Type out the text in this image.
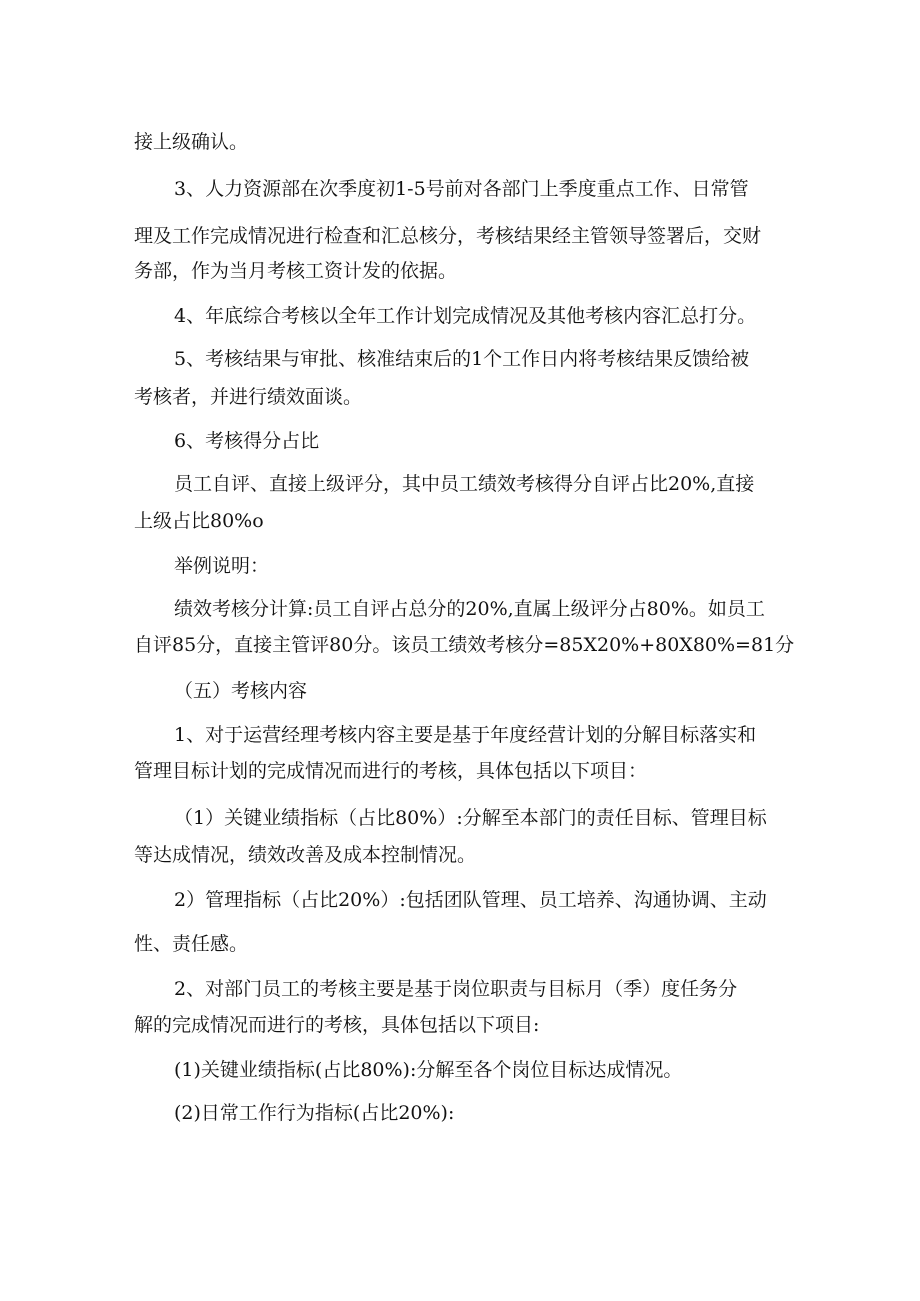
接上级确认。

3、人力资源部在次季度初1-5号前对各部门上季度重点工作、日常管

理及工作完成情况进行检查和汇总核分，考核结果经主管领导签署后，交财

务部，作为当月考核工资计发的依据。

4、年底综合考核以全年工作计划完成情况及其他考核内容汇总打分。

5、考核结果与审批、核准结束后的1个工作日内将考核结果反馈给被

考核者，并进行绩效面谈。

6、考核得分占比

员工自评、直接上级评分，其中员工绩效考核得分自评占比20%,直接

上级占比80%o

举例说明：

绩效考核分计算:员工自评占总分的20%,直属上级评分占80%。如员工

自评85分，直接主管评80分。该员工绩效考核分=85X20%+80X80%=81分

（五）考核内容

1、对于运营经理考核内容主要是基于年度经营计划的分解目标落实和

管理目标计划的完成情况而进行的考核，具体包括以下项目：

（1）关键业绩指标（占比80%）:分解至本部门的责任目标、管理目标

等达成情况，绩效改善及成本控制情况。

2）管理指标（占比20%）:包括团队管理、员工培养、沟通协调、主动

性、责任感。

2、对部门员工的考核主要是基于岗位职责与目标月（季）度任务分

解的完成情况而进行的考核，具体包括以下项目:

(1)关键业绩指标(占比80%):分解至各个岗位目标达成情况。

(2)日常工作行为指标(占比20%):
